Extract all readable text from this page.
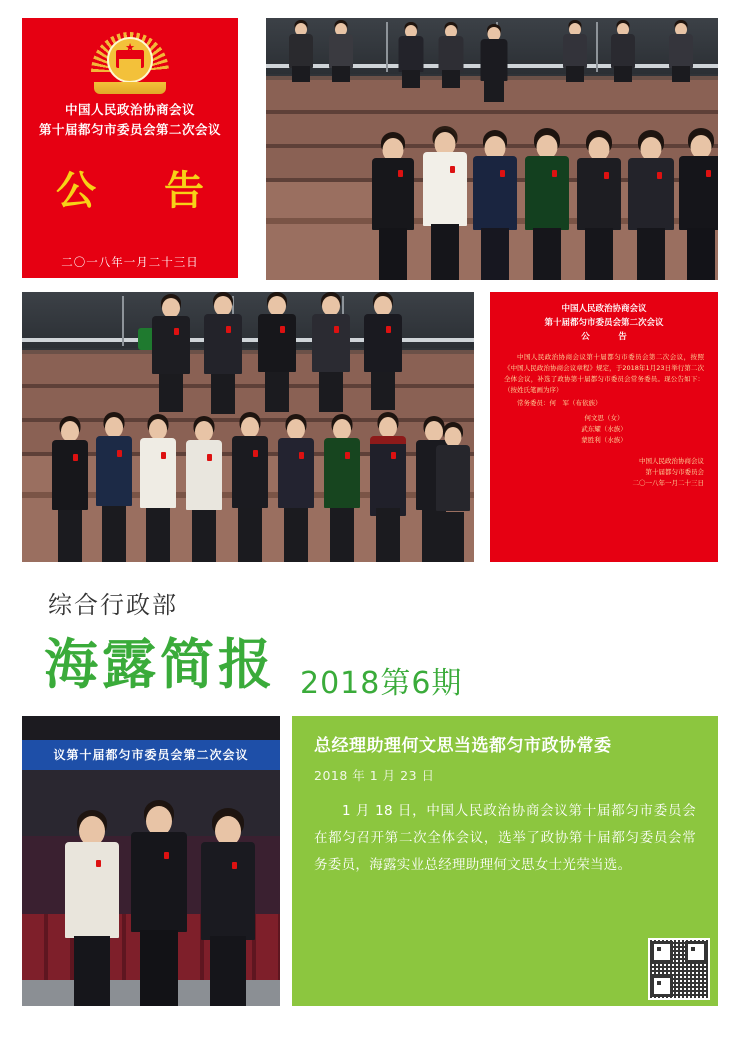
★
中国人民政治协商会议
第十届都匀市委员会第二次会议
公　告
二〇一八年一月二十三日
中国人民政治协商会议
第十届都匀市委员会第二次会议
公　告

中国人民政治协商会议第十届都匀市委员会第二次会议，按照《中国人民政治协商会议章程》规定，于2018年1月23日举行第二次全体会议，补选了政协第十届都匀市委员会常务委员。现公告如下：（按姓氏笔画为序）

常务委员：何　军（布依族）

何文思（女）

武东耀（水族）

蒙胜利（水族）

中国人民政治协商会议

第十届都匀市委员会

二〇一八年一月二十三日

综合行政部
海露简报 2018第6期
议第十届都匀市委员会第二次会议	总经理助理何文思当选都匀市政协常委
2018 年 1 月 23 日

1 月 18 日，中国人民政治协商会议第十届都匀市委员会在都匀召开第二次全体会议，选举了政协第十届都匀委员会常务委员，海露实业总经理助理何文思女士光荣当选。
